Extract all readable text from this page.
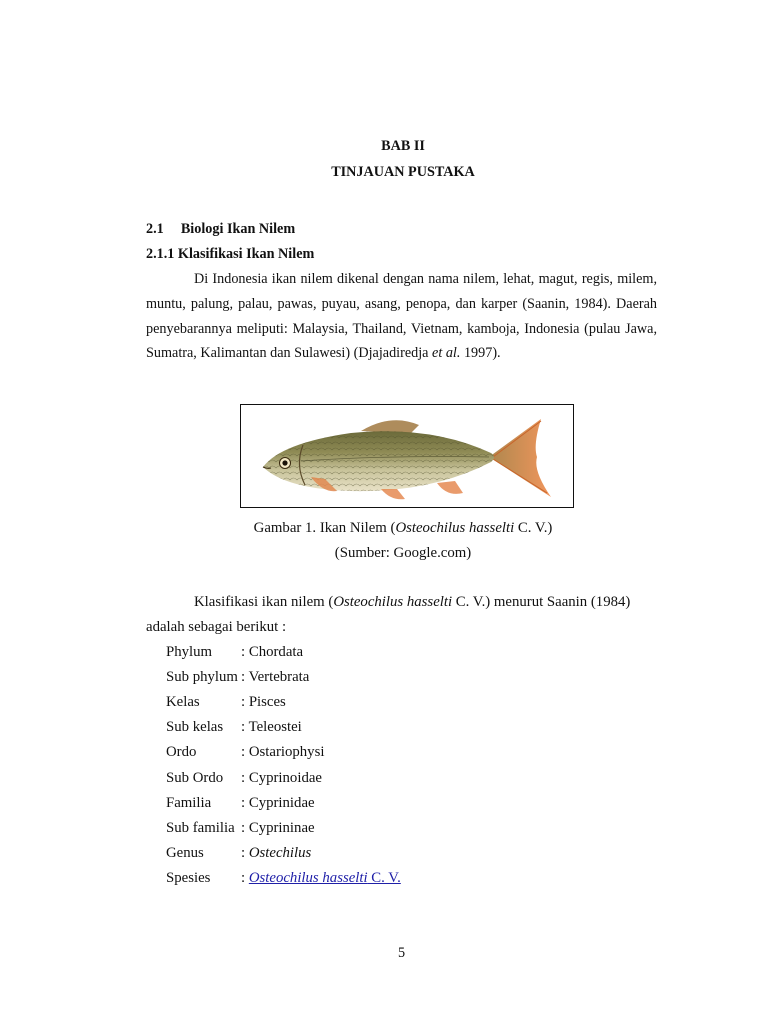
BAB II
TINJAUAN PUSTAKA
2.1 Biologi Ikan Nilem
2.1.1 Klasifikasi Ikan Nilem

Di Indonesia ikan nilem dikenal dengan nama nilem, lehat, magut, regis, milem, muntu, palung, palau, pawas, puyau, asang, penopa, dan karper (Saanin, 1984). Daerah penyebarannya meliputi: Malaysia, Thailand, Vietnam, kamboja, Indonesia (pulau Jawa, Sumatra, Kalimantan dan Sulawesi) (Djajadiredja et al. 1997).

Gambar 1. Ikan Nilem (Osteochilus hasselti C. V.)
(Sumber: Google.com)

Klasifikasi ikan nilem (Osteochilus hasselti C. V.) menurut Saanin (1984)

adalah sebagai berikut :

Phylum : Chordata
Sub phylum : Vertebrata
Kelas	: Pisces
Sub kelas : Teleostei
Ordo	: Ostariophysi
Sub Ordo : Cyprinoidae
Familia : Cyprinidae
Sub familia : Cyprininae
Genus	: Ostechilus
Spesies : Osteochilus hasselti C. V.
5
